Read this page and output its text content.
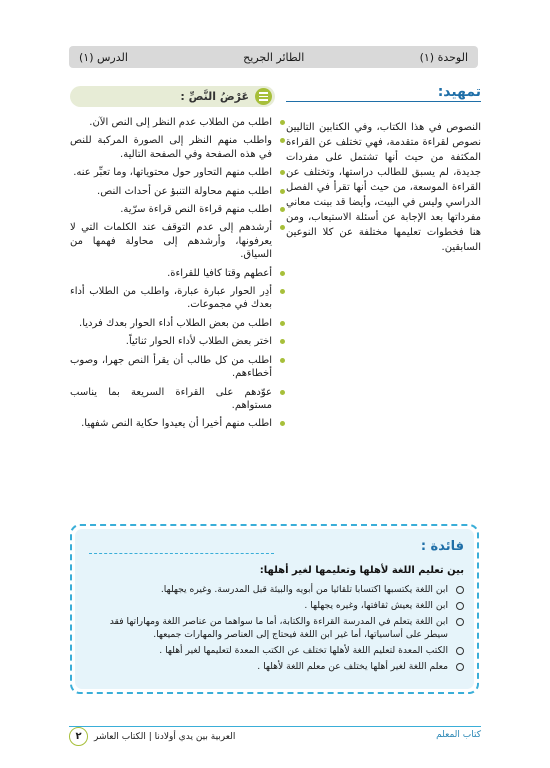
الوحدة (١)
الطائر الجريح
الدرس (١)
تمهيد:
النصوص في هذا الكتاب، وفي الكتابين التاليين نصوص لقراءة متقدمة، فهي تختلف عن القراءة المكثفة من حيث أنها تشتمل على مفردات جديدة، لم يسبق للطالب دراستها، وتختلف عن القراءة الموسعة، من حيث أنها تقرأ في الفصل الدراسي وليس في البيت، وأيضا قد بينت معاني مفرداتها بعد الإجابة عن أسئلة الاستيعاب، ومن هنا فخطوات تعليمها مختلفة عن كلا النوعين السابقين.
عَرْضُ النَّصِّ :
اطلب من الطلاب عدم النظر إلى النص الآن.
واطلب منهم النظر إلى الصورة المركبة للنص في هذه الصفحة وفي الصفحة التالية.
اطلب منهم التحاور حول محتوياتها، وما تعبِّر عنه.
اطلب منهم محاولة التنبؤ عن أحداث النص.
اطلب منهم قراءة النص قراءة سرّية.
أرشدهم إلى عدم التوقف عند الكلمات التي لا يعرفونها، وأرشدهم إلى محاولة فهمها من السياق.
أعطهم وقتا كافيا للقراءة.
أدِر الحوار عبارة عبارة، واطلب من الطلاب أداء بعدك في مجموعات.
اطلب من بعض الطلاب أداء الحوار بعدك فرديا.
اختر بعض الطلاب لأداء الحوار ثنائياً.
اطلب من كل طالب أن يقرأ النص جهرا، وصوب أخطاءهم.
عوّدهم على القراءة السريعة بما يناسب مستواهم.
اطلب منهم أخيرا أن يعيدوا حكاية النص شفهيا.
فائدة :
بين تعليم اللغة لأهلها وتعليمها لغير أهلها:
ابن اللغة يكتسبها اكتسابا تلقائيا من أبويه والبيئة قبل المدرسة. وغيره يجهلها.
ابن اللغة يعيش ثقافتها، وغيره يجهلها .
ابن اللغة يتعلم في المدرسة القراءة والكتابة، أما ما سواهما من عناصر اللغة ومهاراتها فقد سيطر على أساسياتها، أما غير ابن اللغة فيحتاج إلى العناصر والمهارات جميعها.
الكتب المعدة لتعليم اللغة لأهلها تختلف عن الكتب المعدة لتعليمها لغير أهلها .
معلم اللغة لغير أهلها يختلف عن معلم اللغة لأهلها .
كتاب المعلم
العربية بين يدي أولادنا | الكتاب العاشر
٢
